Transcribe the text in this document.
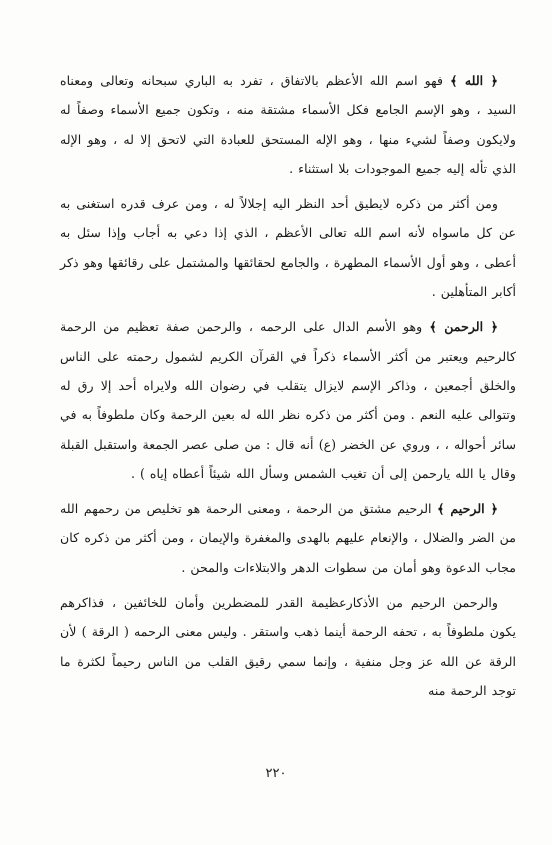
﴿ الله ﴾ فهو اسم الله الأعظم بالاتفاق ، تفرد به الباري سبحانه وتعالى ومعناه السيد ، وهو الإسم الجامع فكل الأسماء مشتقة منه ، وتكون جميع الأسماء وصفاً له ولايكون وصفاً لشيء منها ، وهو الإله المستحق للعبادة التي لاتحق إلا له ، وهو الإله الذي تأله إليه جميع الموجودات بلا استثناء .

ومن أكثر من ذكره لايطيق أحد النظر اليه إجلالاً له ، ومن عرف قدره استغنى به عن كل ماسواه لأنه اسم الله تعالى الأعظم ، الذي إذا دعي به أجاب وإذا سئل به أعطى ، وهو أول الأسماء المطهرة ، والجامع لحقائقها والمشتمل على رقائقها وهو ذكر أكابر المتأهلين .

﴿ الرحمن ﴾ وهو الأسم الدال على الرحمه ، والرحمن صفة تعظيم من الرحمة كالرحيم ويعتبر من أكثر الأسماء ذكراً في القرآن الكريم لشمول رحمته على الناس والخلق أجمعين ، وذاكر الإسم لايزال يتقلب في رضوان الله ولايراه أحد إلا رق له وتتوالى عليه النعم . ومن أكثر من ذكره نظر الله له بعين الرحمة وكان ملطوفاً به في سائر أحواله ، ، وروي عن الخضر (ع) أنه قال : من صلى عصر الجمعة واستقبل القبلة وقال يا الله يارحمن إلى أن تغيب الشمس وسأل الله شيئاً أعطاه إياه ) .

﴿ الرحيم ﴾ الرحيم مشتق من الرحمة ، ومعنى الرحمة هو تخليص من رحمهم الله من الضر والضلال ، والإنعام عليهم بالهدى والمغفرة والإيمان ، ومن أكثر من ذكره كان مجاب الدعوة وهو أمان من سطوات الدهر والابتلاءات والمحن .

والرحمن الرحيم من الأذكارعظيمة القدر للمضطرين وأمان للخائفين ، فذاكرهم يكون ملطوفاً به ، تحفه الرحمة أينما ذهب واستقر . وليس معنى الرحمه ( الرقة ) لأن الرقة عن الله عز وجل منفية ، وإنما سمي رقيق القلب من الناس رحيماً لكثرة ما توجد الرحمة منه

٢٢٠
